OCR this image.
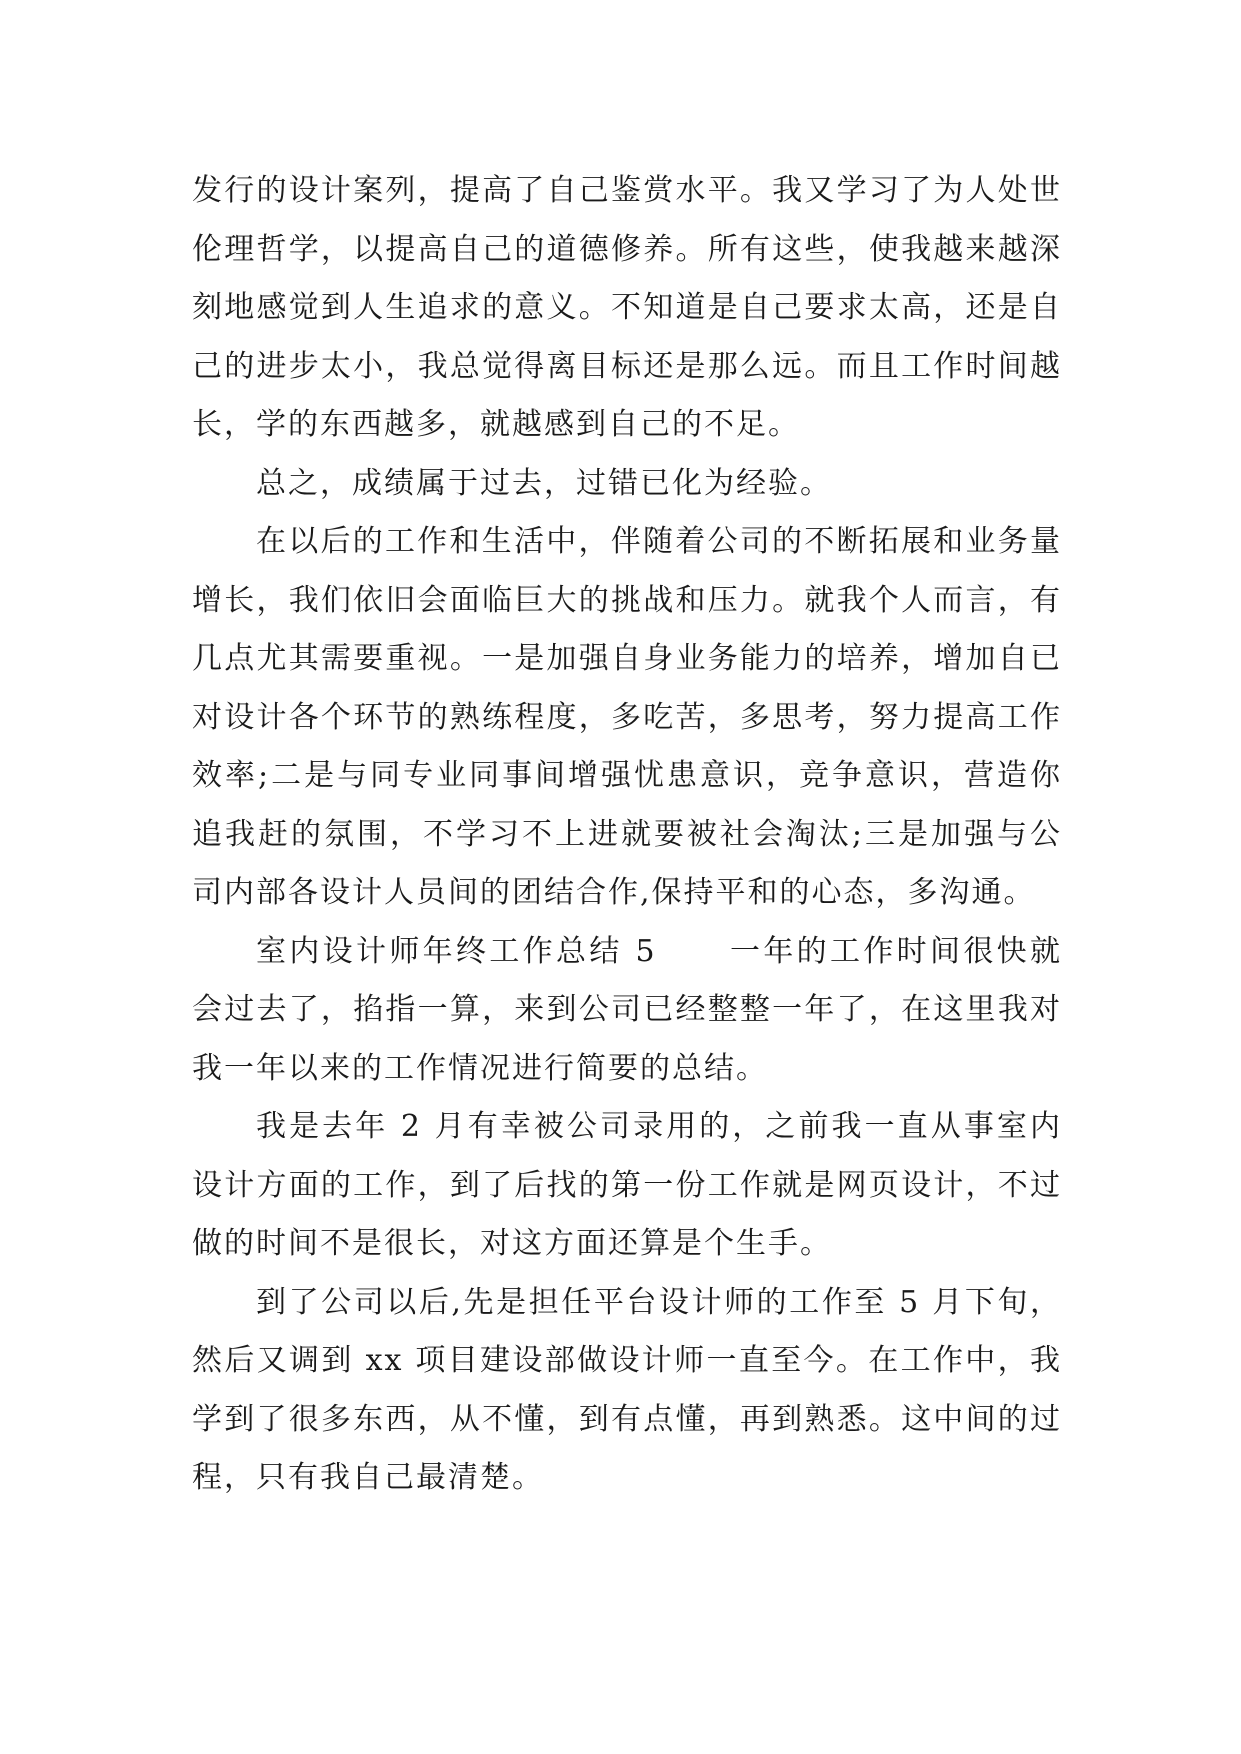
发行的设计案列，提高了自己鉴赏水平。我又学习了为人处世伦理哲学，以提高自己的道德修养。所有这些，使我越来越深刻地感觉到人生追求的意义。不知道是自己要求太高，还是自己的进步太小，我总觉得离目标还是那么远。而且工作时间越长，学的东西越多，就越感到自己的不足。

总之，成绩属于过去，过错已化为经验。

在以后的工作和生活中，伴随着公司的不断拓展和业务量增长，我们依旧会面临巨大的挑战和压力。就我个人而言，有几点尤其需要重视。一是加强自身业务能力的培养，增加自已对设计各个环节的熟练程度，多吃苦，多思考，努力提高工作效率;二是与同专业同事间增强忧患意识，竞争意识，营造你追我赶的氛围，不学习不上进就要被社会淘汰;三是加强与公司内部各设计人员间的团结合作,保持平和的心态，多沟通。

室内设计师年终工作总结 5 一年的工作时间很快就会过去了，掐指一算，来到公司已经整整一年了，在这里我对我一年以来的工作情况进行简要的总结。

我是去年 2 月有幸被公司录用的，之前我一直从事室内设计方面的工作，到了后找的第一份工作就是网页设计，不过做的时间不是很长，对这方面还算是个生手。

到了公司以后,先是担任平台设计师的工作至 5 月下旬，然后又调到 xx 项目建设部做设计师一直至今。在工作中，我学到了很多东西，从不懂，到有点懂，再到熟悉。这中间的过程，只有我自己最清楚。
